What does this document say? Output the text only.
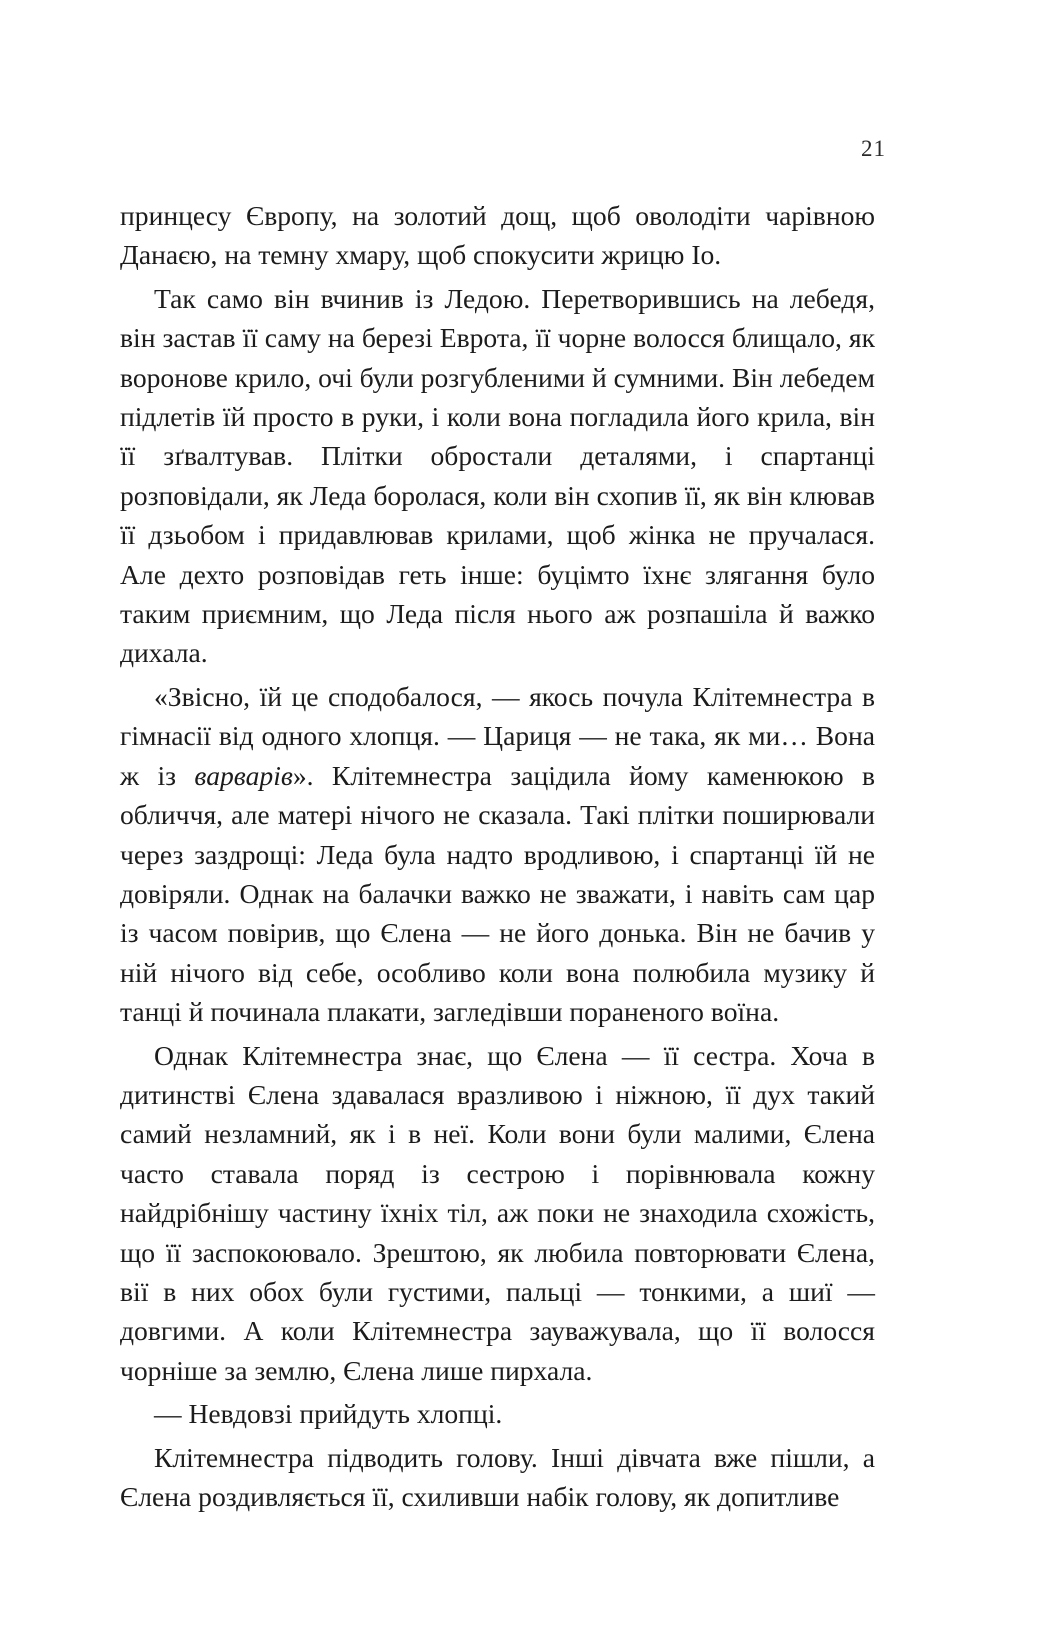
21

принцесу Європу, на золотий дощ, щоб оволодіти чарівною Данаєю, на темну хмару, щоб спокусити жрицю Іо.

Так само він вчинив із Ледою. Перетворившись на лебедя, він застав її саму на березі Еврота, її чорне волосся блищало, як воронове крило, очі були розгубленими й сумними. Він лебедем підлетів їй просто в руки, і коли вона погладила його крила, він її зґвалтував. Плітки обростали деталями, і спартанці розповідали, як Леда боролася, коли він схопив її, як він клював її дзьобом і придавлював крилами, щоб жінка не пручалася. Але дехто розповідав геть інше: буцімто їхнє злягання було таким приємним, що Леда після нього аж розпашіла й важко дихала.

«Звісно, їй це сподобалося, — якось почула Клітемнестра в гімнасії від одного хлопця. — Цариця — не така, як ми… Вона ж із варварів». Клітемнестра зацідила йому каменюкою в обличчя, але матері нічого не сказала. Такі плітки поширювали через заздрощі: Леда була надто вродливою, і спартанці їй не довіряли. Однак на балачки важко не зважати, і навіть сам цар із часом повірив, що Єлена — не його донька. Він не бачив у ній нічого від себе, особливо коли вона полюбила музику й танці й починала плакати, загледівши пораненого воїна.

Однак Клітемнестра знає, що Єлена — її сестра. Хоча в дитинстві Єлена здавалася вразливою і ніжною, її дух такий самий незламний, як і в неї. Коли вони були малими, Єлена часто ставала поряд із сестрою і порівнювала кожну найдрібнішу частину їхніх тіл, аж поки не знаходила схожість, що її заспокоювало. Зрештою, як любила повторювати Єлена, вії в них обох були густими, пальці — тонкими, а шиї — довгими. А коли Клітемнестра зауважувала, що її волосся чорніше за землю, Єлена лише пирхала.

— Невдовзі прийдуть хлопці.

Клітемнестра підводить голову. Інші дівчата вже пішли, а Єлена роздивляється її, схиливши набік голову, як допитливе
